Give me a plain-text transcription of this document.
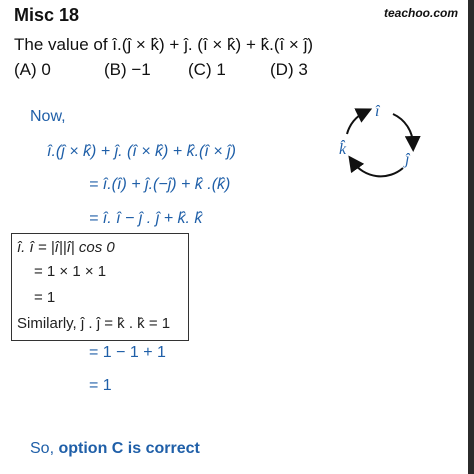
Misc 18	teachoo.com
The value of î.(ĵ × k̂) + ĵ. (î × k̂) + k̂.(î × ĵ)
(A) 0	(B) −1 (C) 1	(D) 3
Now,
î.(ĵ × k̂) + ĵ. (î × k̂) + k̂.(î × ĵ)
= î.(î) + ĵ.(−ĵ) + k̂ .(k̂)
= î. î − ĵ . ĵ + k̂. k̂
î. î = |î||î| cos 0
= 1 × 1 × 1
= 1
Similarly, ĵ . ĵ = k̂ . k̂ = 1
= 1 − 1 + 1
= 1
So, option C is correct
î
ĵ
k̂
